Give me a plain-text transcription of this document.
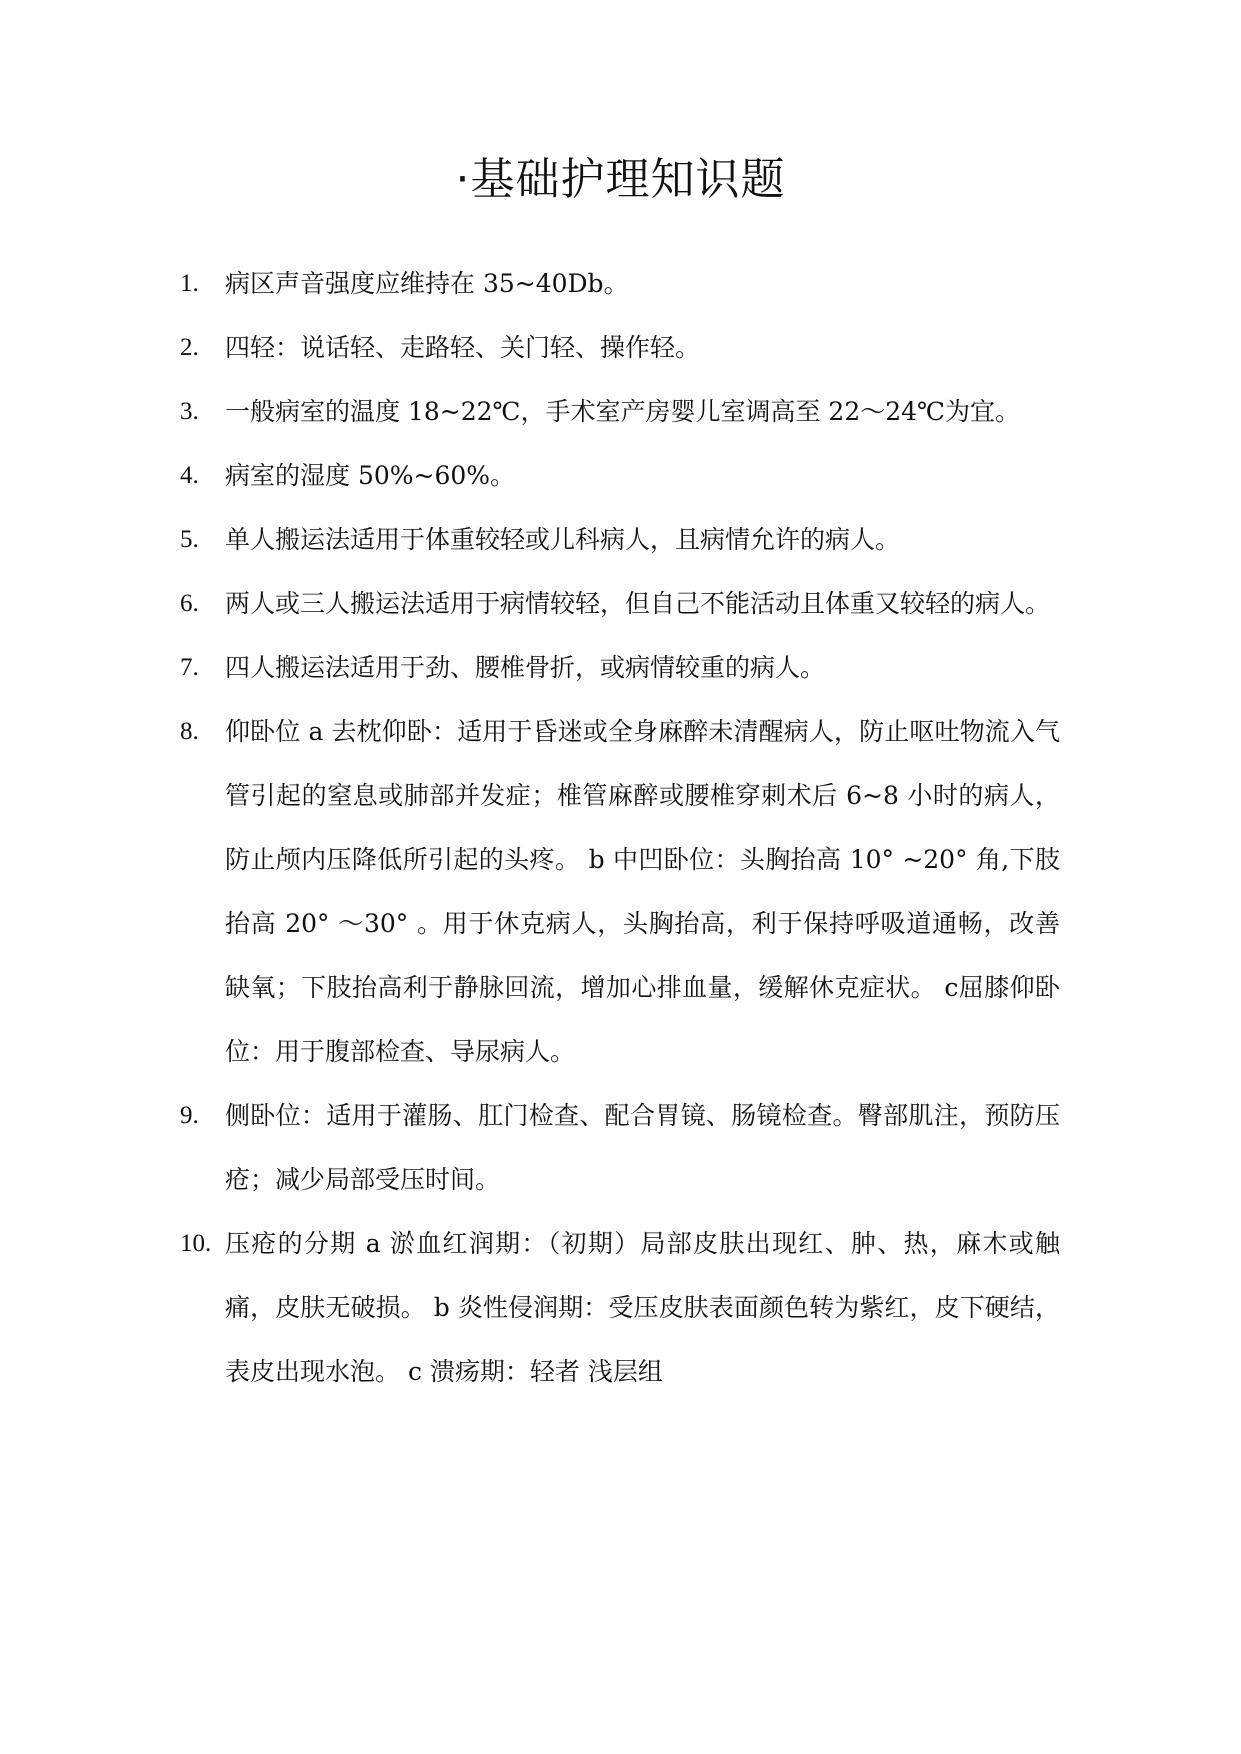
·基础护理知识题
1.	病区声音强度应维持在 35~40Db。
2.	四轻：说话轻、走路轻、关门轻、操作轻。
3.	一般病室的温度 18~22℃，手术室产房婴儿室调高至 22～24℃为宜。
4.	病室的湿度 50%~60%。
5.	单人搬运法适用于体重较轻或儿科病人，且病情允许的病人。
6.	两人或三人搬运法适用于病情较轻，但自己不能活动且体重又较轻的病人。
7.	四人搬运法适用于劲、腰椎骨折，或病情较重的病人。
8.	仰卧位 a 去枕仰卧：适用于昏迷或全身麻醉未清醒病人，防止呕吐物流入气管引起的窒息或肺部并发症；椎管麻醉或腰椎穿刺术后 6~8 小时的病人，防止颅内压降低所引起的头疼。 b 中凹卧位：头胸抬高 10° ~20° 角,下肢抬高 20° ～30° 。用于休克病人，头胸抬高，利于保持呼吸道通畅，改善缺氧；下肢抬高利于静脉回流，增加心排血量，缓解休克症状。 c屈膝仰卧位：用于腹部检查、导尿病人。
9.	侧卧位：适用于灌肠、肛门检查、配合胃镜、肠镜检查。臀部肌注，预防压疮；减少局部受压时间。
10. 压疮的分期 a 淤血红润期：（初期）局部皮肤出现红、肿、热，麻木或触痛，皮肤无破损。 b 炎性侵润期：受压皮肤表面颜色转为紫红，皮下硬结，表皮出现水泡。 c 溃疡期：轻者 浅层组
